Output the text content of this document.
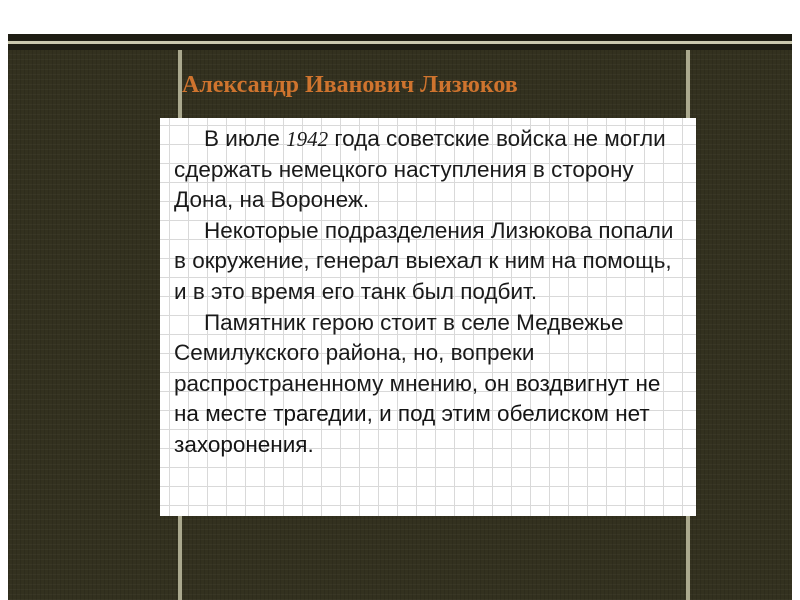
Александр Иванович Лизюков

В июле 1942 года советские войска не могли сдержать немецкого наступления в сторону Дона, на Воронеж.
Некоторые подразделения Лизюкова попали в окружение, генерал выехал к ним на помощь, и в это время его танк был подбит.
Памятник герою стоит в селе Медвежье Семилукского района, но, вопреки распространенному мнению, он воздвигнут не на месте трагедии, и под этим обелиском нет захоронения.
